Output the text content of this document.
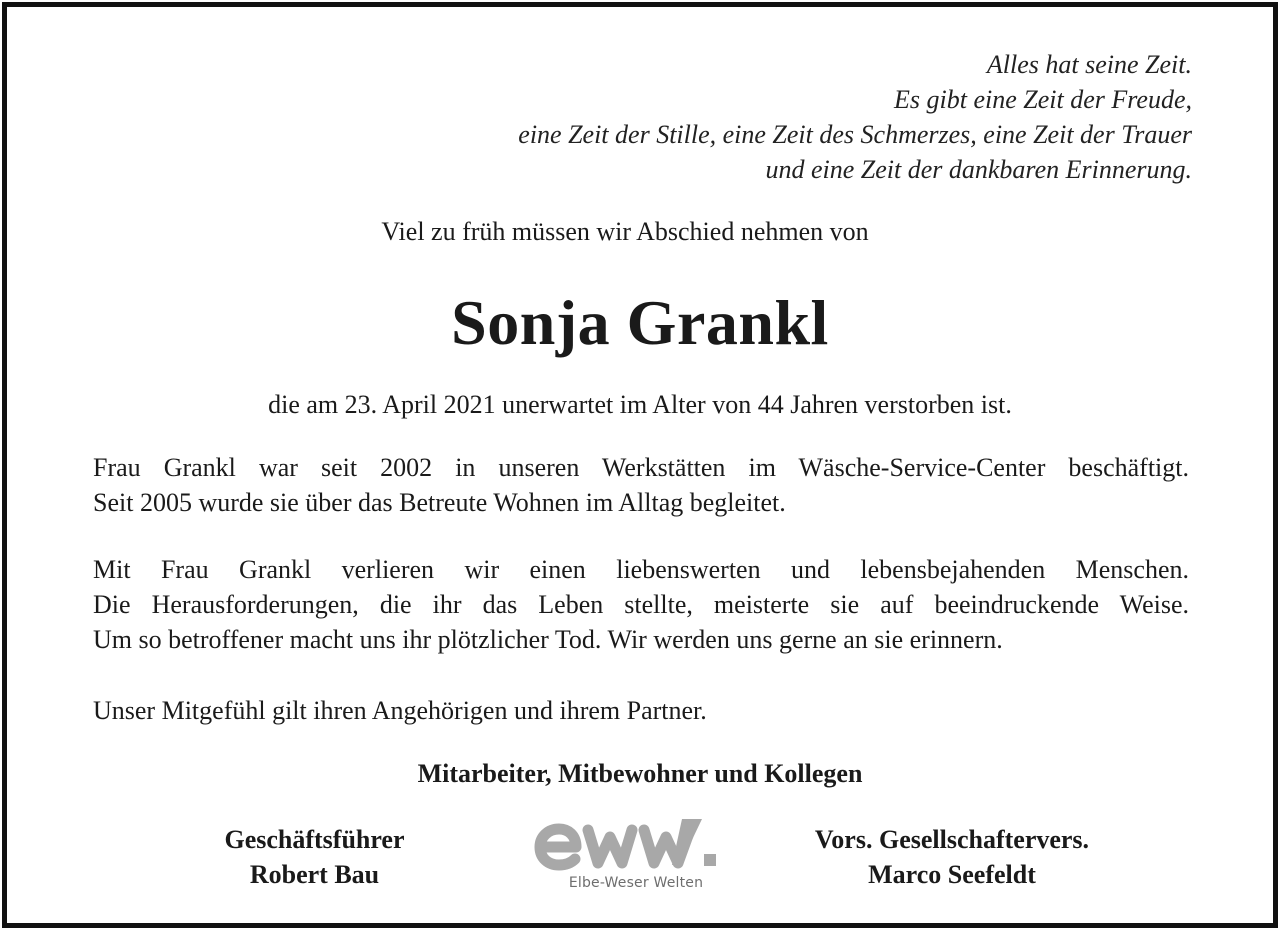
Alles hat seine Zeit.
Es gibt eine Zeit der Freude,
eine Zeit der Stille, eine Zeit des Schmerzes, eine Zeit der Trauer
und eine Zeit der dankbaren Erinnerung.
Viel zu früh müssen wir Abschied nehmen von
Sonja Grankl
die am 23. April 2021 unerwartet im Alter von 44 Jahren verstorben ist.
Frau Grankl war seit 2002 in unseren Werkstätten im Wäsche-Service-Center beschäftigt.
Seit 2005 wurde sie über das Betreute Wohnen im Alltag begleitet.
Mit Frau Grankl verlieren wir einen liebenswerten und lebensbejahenden Menschen.
Die Herausforderungen, die ihr das Leben stellte, meisterte sie auf beeindruckende Weise.
Um so betroffener macht uns ihr plötzlicher Tod. Wir werden uns gerne an sie erinnern.
Unser Mitgefühl gilt ihren Angehörigen und ihrem Partner.
Mitarbeiter, Mitbewohner und Kollegen
Geschäftsführer
Robert Bau	Elbe-Weser Welten
Vors. Gesellschaftervers.
Marco Seefeldt
